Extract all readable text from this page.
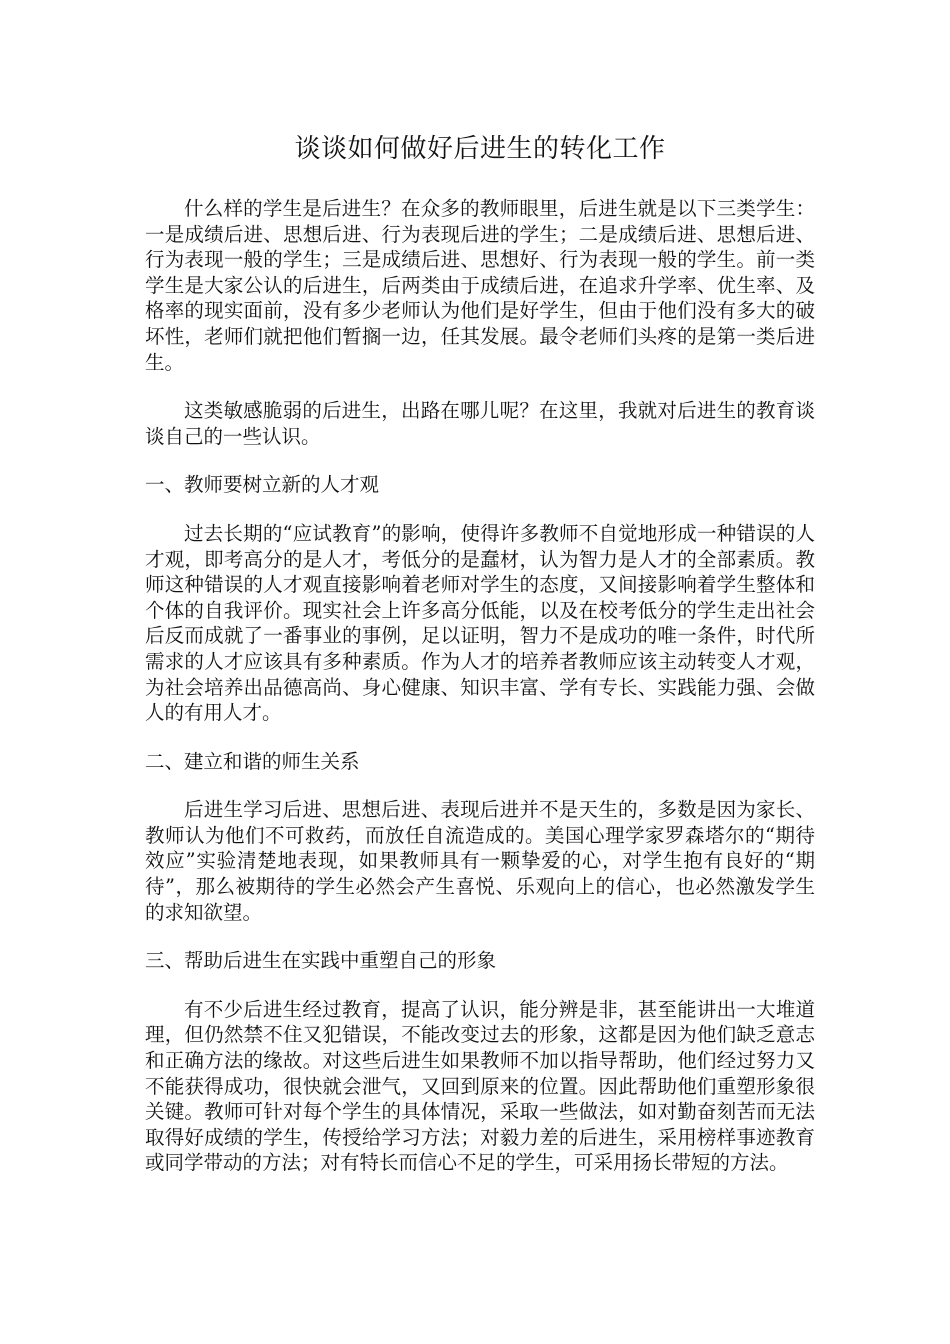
谈谈如何做好后进生的转化工作

什么样的学生是后进生？在众多的教师眼里，后进生就是以下三类学生：一是成绩后进、思想后进、行为表现后进的学生；二是成绩后进、思想后进、行为表现一般的学生；三是成绩后进、思想好、行为表现一般的学生。前一类学生是大家公认的后进生，后两类由于成绩后进，在追求升学率、优生率、及格率的现实面前，没有多少老师认为他们是好学生，但由于他们没有多大的破坏性，老师们就把他们暂搁一边，任其发展。最令老师们头疼的是第一类后进生。

这类敏感脆弱的后进生，出路在哪儿呢？在这里，我就对后进生的教育谈谈自己的一些认识。

一、教师要树立新的人才观

过去长期的“应试教育”的影响，使得许多教师不自觉地形成一种错误的人才观，即考高分的是人才，考低分的是蠢材，认为智力是人才的全部素质。教师这种错误的人才观直接影响着老师对学生的态度，又间接影响着学生整体和个体的自我评价。现实社会上许多高分低能，以及在校考低分的学生走出社会后反而成就了一番事业的事例，足以证明，智力不是成功的唯一条件，时代所需求的人才应该具有多种素质。作为人才的培养者教师应该主动转变人才观，为社会培养出品德高尚、身心健康、知识丰富、学有专长、实践能力强、会做人的有用人才。

二、建立和谐的师生关系

后进生学习后进、思想后进、表现后进并不是天生的，多数是因为家长、教师认为他们不可救药，而放任自流造成的。美国心理学家罗森塔尔的“期待效应”实验清楚地表现，如果教师具有一颗挚爱的心，对学生抱有良好的“期待”，那么被期待的学生必然会产生喜悦、乐观向上的信心，也必然激发学生的求知欲望。

三、帮助后进生在实践中重塑自己的形象

有不少后进生经过教育，提高了认识，能分辨是非，甚至能讲出一大堆道理，但仍然禁不住又犯错误，不能改变过去的形象，这都是因为他们缺乏意志和正确方法的缘故。对这些后进生如果教师不加以指导帮助，他们经过努力又不能获得成功，很快就会泄气，又回到原来的位置。因此帮助他们重塑形象很关键。教师可针对每个学生的具体情况，采取一些做法，如对勤奋刻苦而无法取得好成绩的学生，传授给学习方法；对毅力差的后进生，采用榜样事迹教育或同学带动的方法；对有特长而信心不足的学生，可采用扬长带短的方法。
